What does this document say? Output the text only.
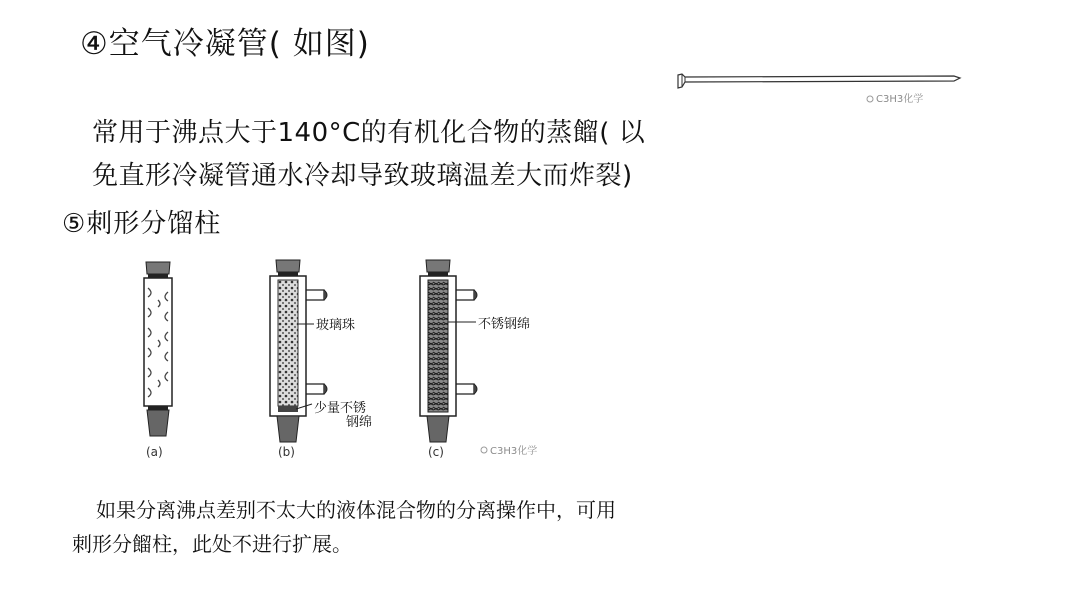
④空气冷凝管( 如图)
C3H3化学
常用于沸点大于140°C的有机化合物的蒸餾( 以
免直形冷凝管通水冷却导致玻璃温差大而炸裂)
⑤刺形分馏柱
玻璃珠
少量不锈
钢绵
不锈钢绵
(a)	(b)	(c)	C3H3化学
如果分离沸点差别不太大的液体混合物的分离操作中，可用
刺形分餾柱，此处不进行扩展。
